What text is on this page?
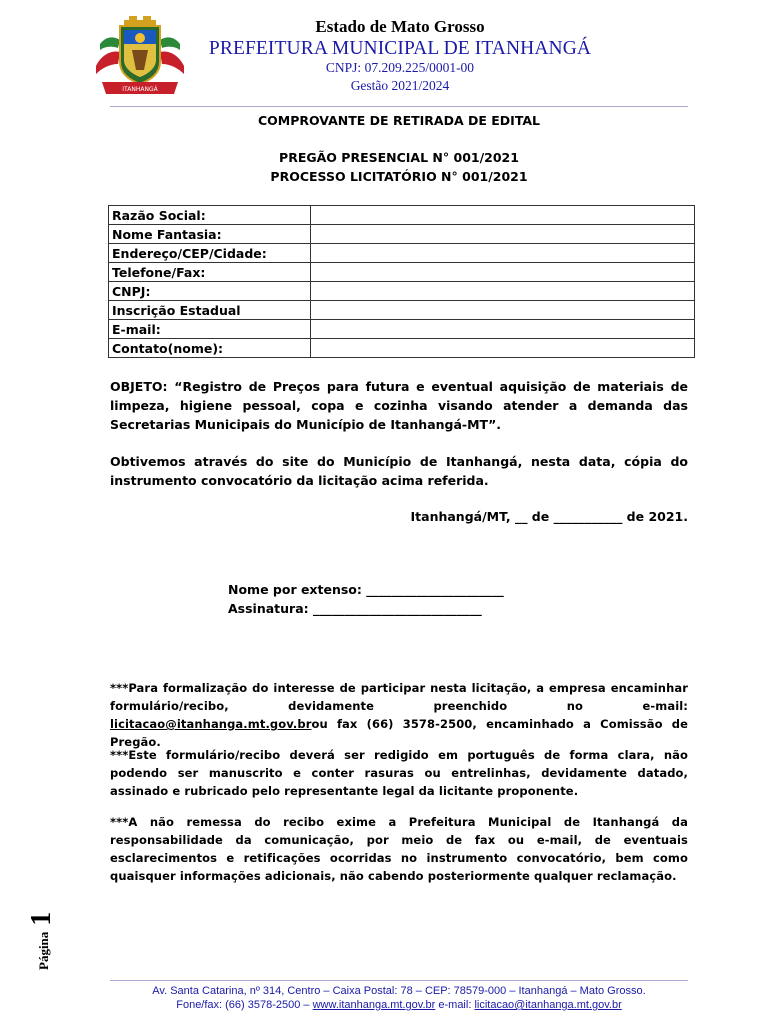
ITANHANGÁ
Estado de Mato Grosso
PREFEITURA MUNICIPAL DE ITANHANGÁ
CNPJ: 07.209.225/0001-00
Gestão 2021/2024
COMPROVANTE DE RETIRADA DE EDITAL
PREGÃO PRESENCIAL N° 001/2021
PROCESSO LICITATÓRIO N° 001/2021
Razão Social:	
Nome Fantasia:	
Endereço/CEP/Cidade:	
Telefone/Fax:	
CNPJ:	
Inscrição Estadual	
E-mail:	
Contato(nome):	
OBJETO: “Registro de Preços para futura e eventual aquisição de materiais de limpeza, higiene pessoal, copa e cozinha visando atender a demanda das Secretarias Municipais do Município de Itanhangá-MT”.
Obtivemos através do site do Município de Itanhangá, nesta data, cópia do instrumento convocatório da licitação acima referida.
Itanhangá/MT, __ de ___________ de 2021.
Nome por extenso: ______________________
Assinatura: ___________________________
***Para formalização do interesse de participar nesta licitação, a empresa encaminhar formulário/recibo, devidamente preenchido no e-mail: licitacao@itanhanga.mt.gov.brou fax (66) 3578-2500, encaminhado a Comissão de Pregão.
***Este formulário/recibo deverá ser redigido em português de forma clara, não podendo ser manuscrito e conter rasuras ou entrelinhas, devidamente datado, assinado e rubricado pelo representante legal da licitante proponente.
***A não remessa do recibo exime a Prefeitura Municipal de Itanhangá da responsabilidade da comunicação, por meio de fax ou e-mail, de eventuais esclarecimentos e retificações ocorridas no instrumento convocatório, bem como quaisquer informações adicionais, não cabendo posteriormente qualquer reclamação.
Página1
Av. Santa Catarina, nº 314, Centro – Caixa Postal: 78 – CEP: 78579-000 – Itanhangá – Mato Grosso.
Fone/fax: (66) 3578-2500 – www.itanhanga.mt.gov.br e-mail: licitacao@itanhanga.mt.gov.br
